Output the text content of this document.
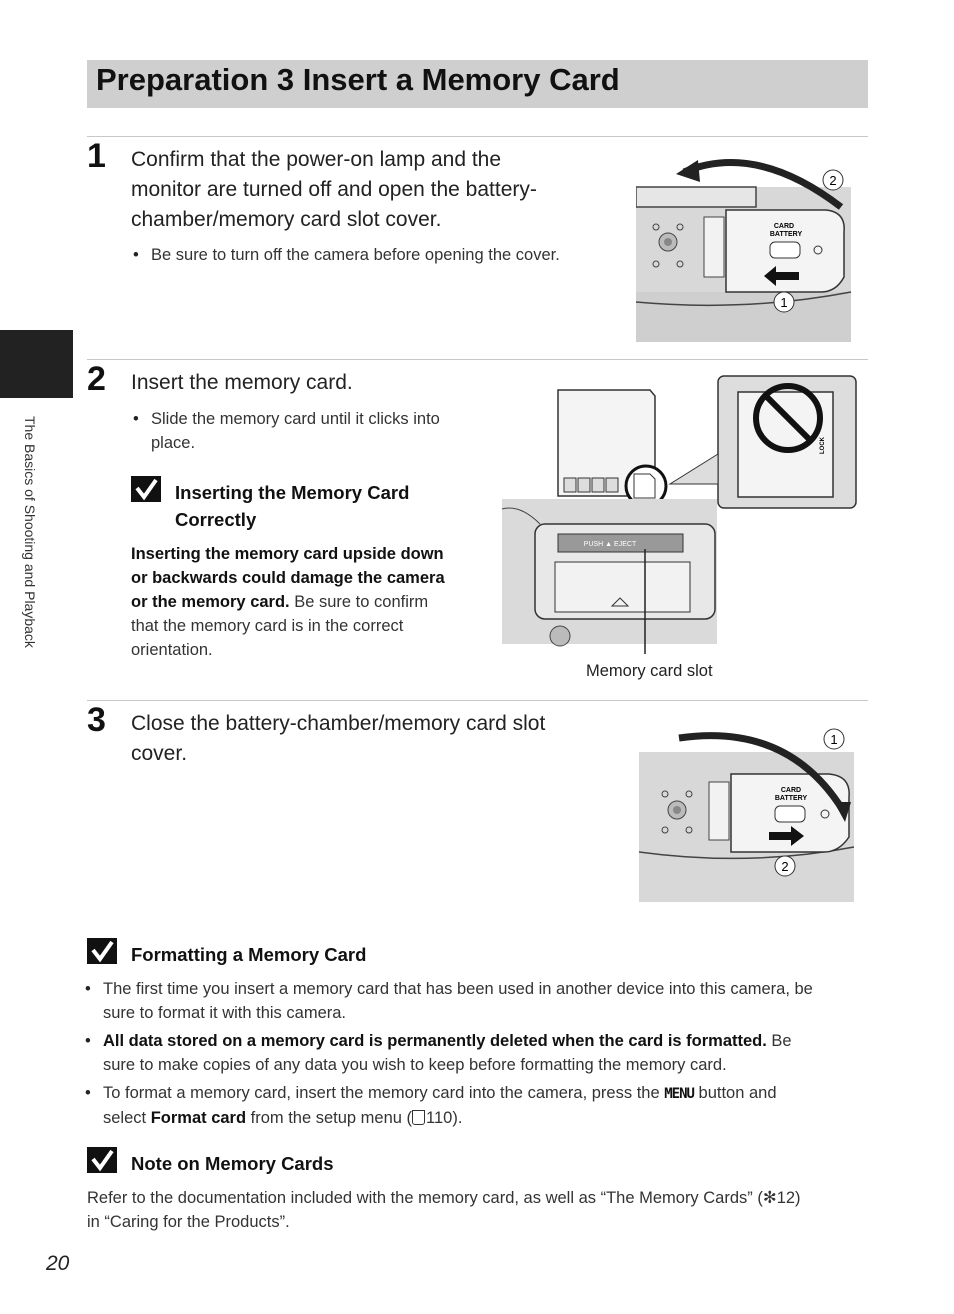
Preparation 3 Insert a Memory Card
The Basics of Shooting and Playback
1 Confirm that the power-on lamp and the
monitor are turned off and open the battery-
chamber/memory card slot cover.
• Be sure to turn off the camera before opening the cover.
CARD
BATTERY
2
1
2 Insert the memory card.
• Slide the memory card until it clicks into
place.
Inserting the Memory Card
Correctly
Inserting the memory card upside down
or backwards could damage the camera
or the memory card. Be sure to confirm
that the memory card is in the correct
orientation.
PUSH ▲ EJECT
LOCK
Memory card slot
3 Close the battery-chamber/memory card slot
cover.
CARD
BATTERY
1
2
Formatting a Memory Card
• The first time you insert a memory card that has been used in another device into this camera, be
sure to format it with this camera.
• All data stored on a memory card is permanently deleted when the card is formatted. Be
sure to make copies of any data you wish to keep before formatting the memory card.
• To format a memory card, insert the memory card into the camera, press the MENU button and
select Format card from the setup menu ( 110).
Note on Memory Cards
Refer to the documentation included with the memory card, as well as “The Memory Cards” (✻12)
in “Caring for the Products”.
20
